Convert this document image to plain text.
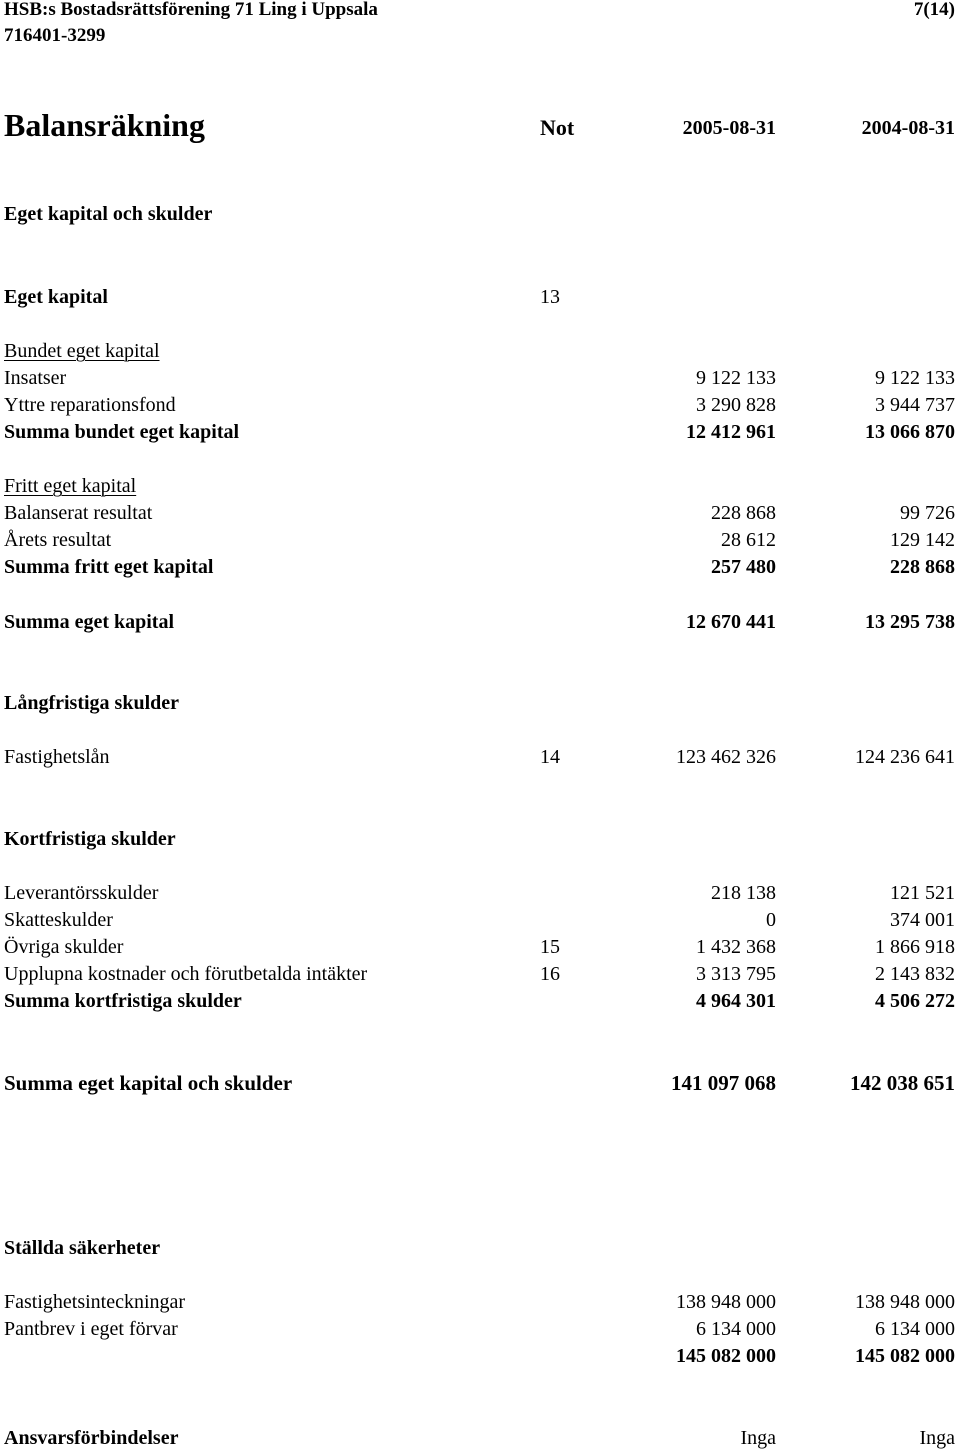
HSB:s Bostadsrättsförening 71 Ling i Uppsala	7(14)
716401-3299
Balansräkning	Not	2005-08-31	2004-08-31
Eget kapital och skulder
Eget kapital	13
Bundet eget kapital
Insatser	9 122 133	9 122 133
Yttre reparationsfond	3 290 828	3 944 737
Summa bundet eget kapital	12 412 961	13 066 870
Fritt eget kapital
Balanserat resultat	228 868	99 726
Årets resultat	28 612	129 142
Summa fritt eget kapital	257 480	228 868
Summa eget kapital	12 670 441	13 295 738
Långfristiga skulder
Fastighetslån	14	123 462 326	124 236 641
Kortfristiga skulder
Leverantörsskulder	218 138	121 521
Skatteskulder	0	374 001
Övriga skulder	15	1 432 368	1 866 918
Upplupna kostnader och förutbetalda intäkter	16	3 313 795	2 143 832
Summa kortfristiga skulder	4 964 301	4 506 272
Summa eget kapital och skulder	141 097 068	142 038 651
Ställda säkerheter
Fastighetsinteckningar	138 948 000	138 948 000
Pantbrev i eget förvar	6 134 000	6 134 000
145 082 000	145 082 000
Ansvarsförbindelser	Inga	Inga
